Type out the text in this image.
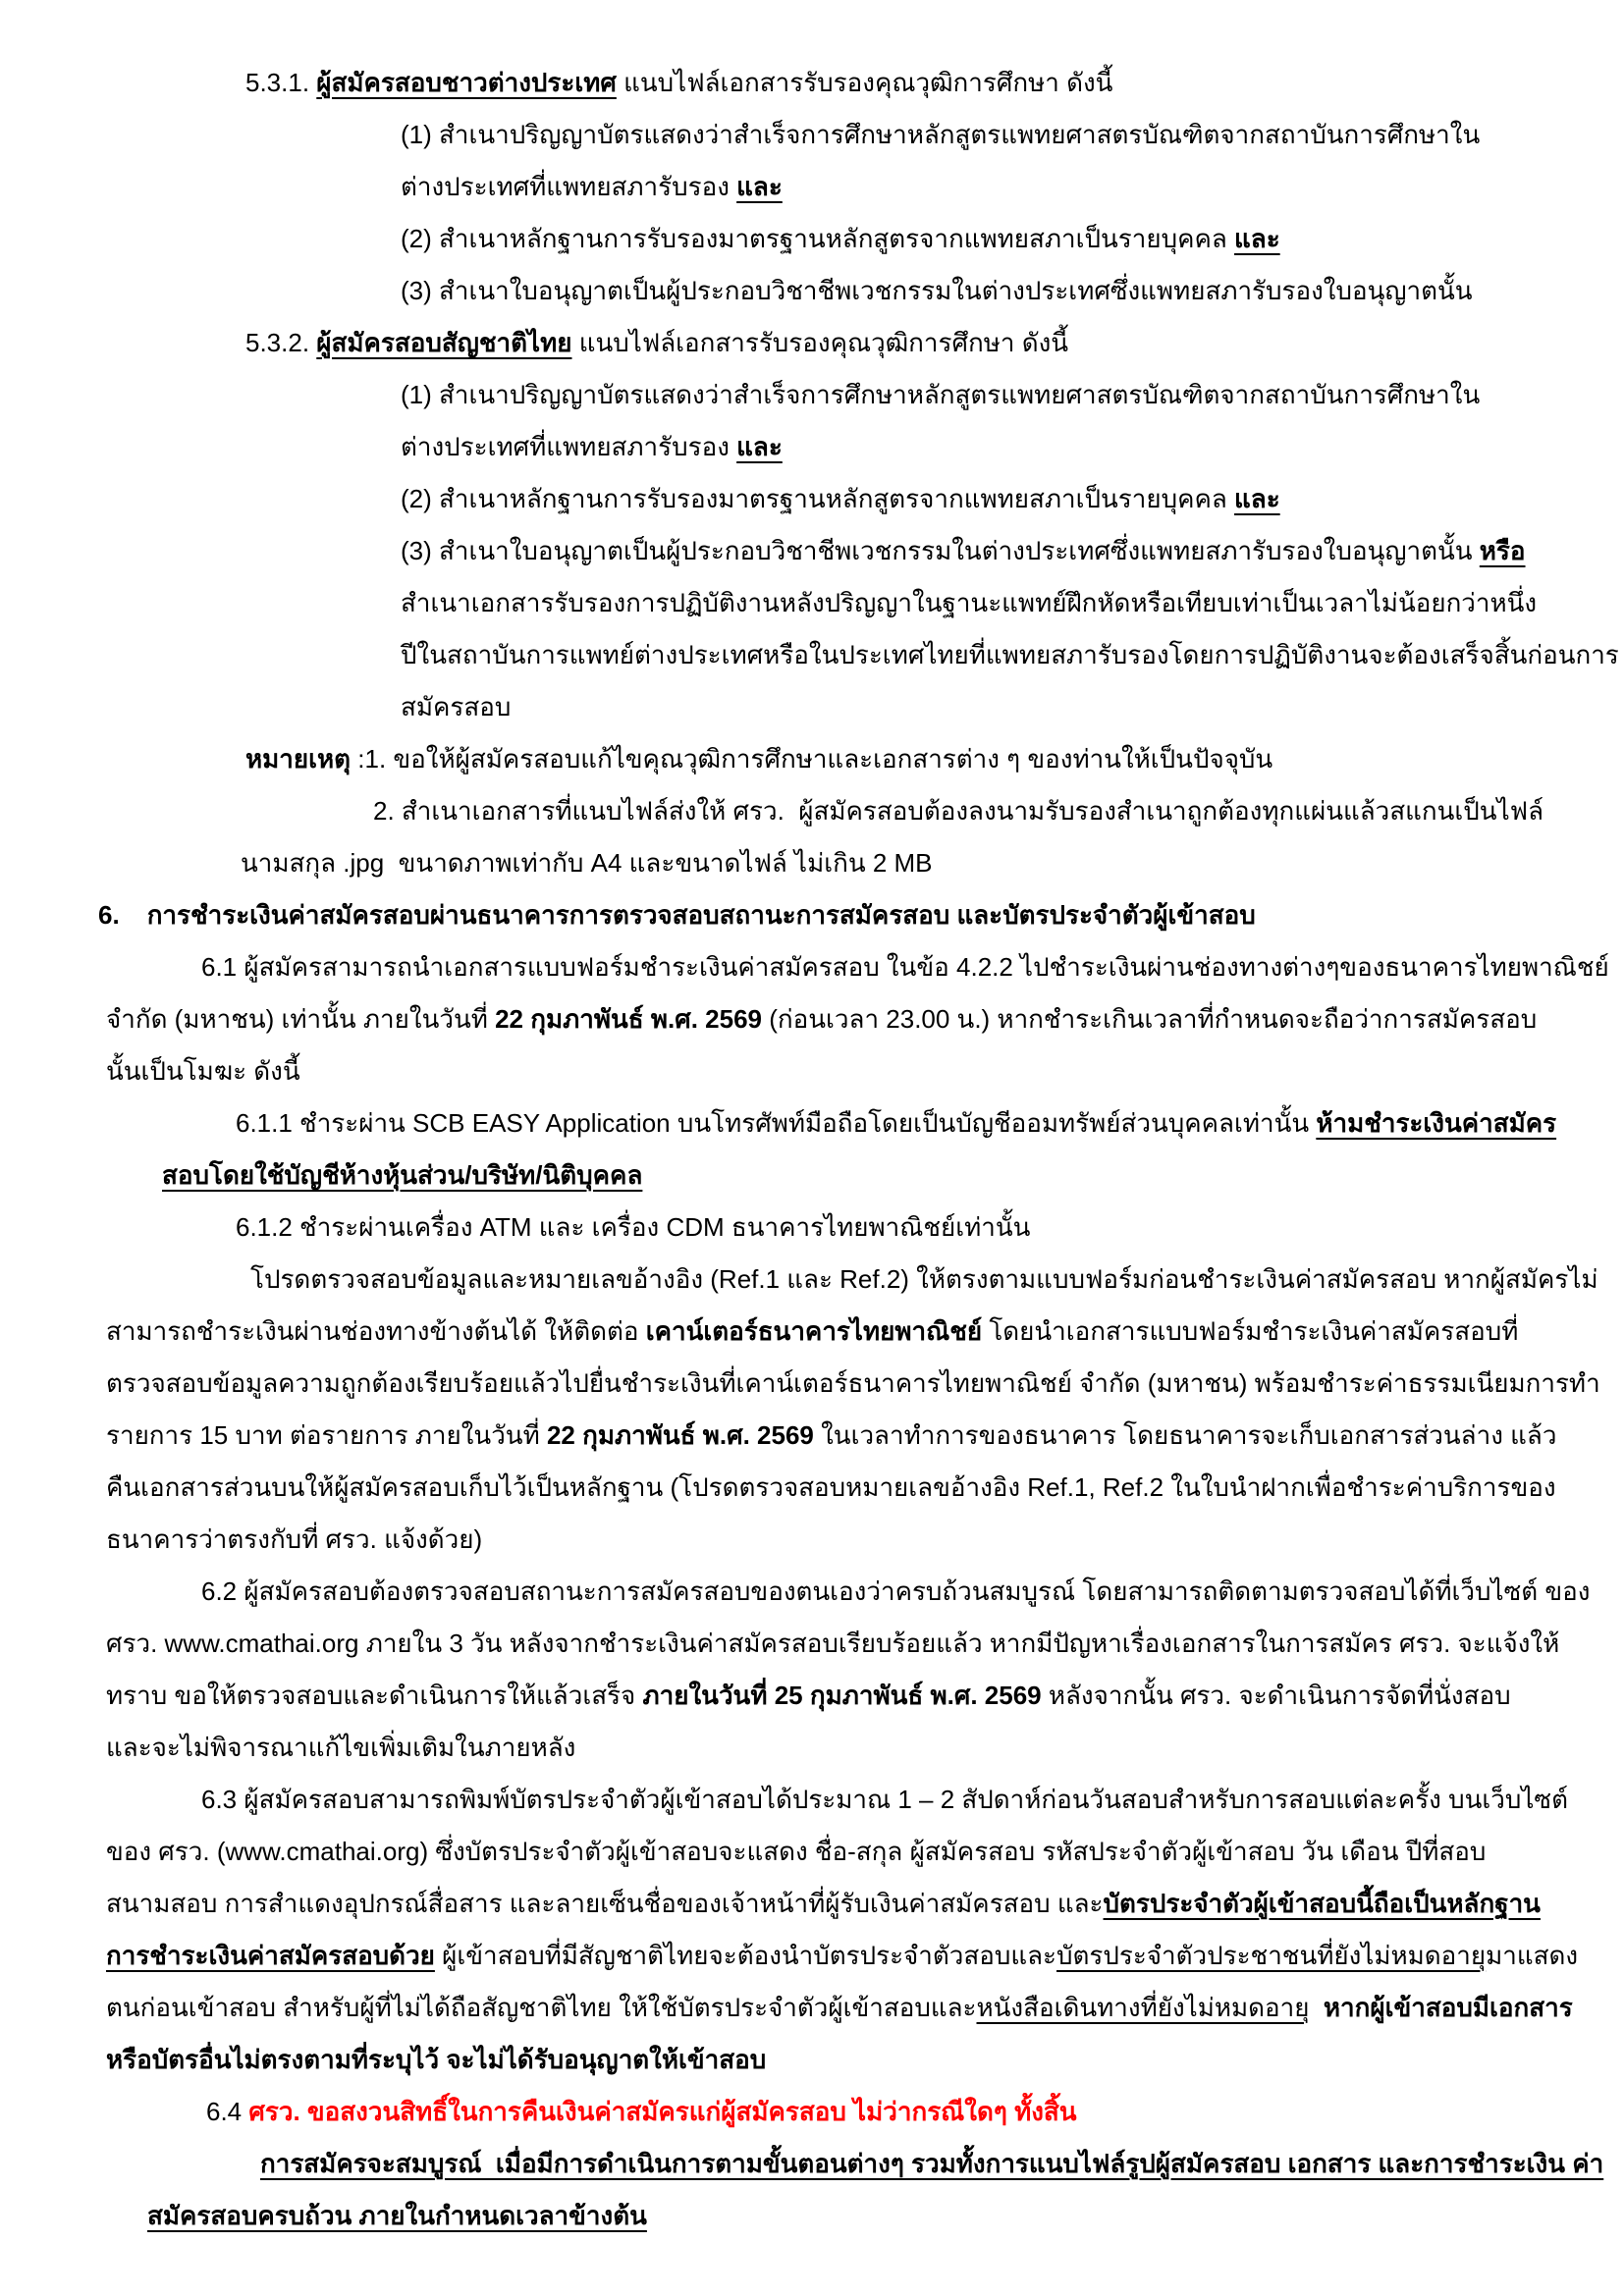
5.3.1. ผู้สมัครสอบชาวต่างประเทศ แนบไฟล์เอกสารรับรองคุณวุฒิการศึกษา ดังนี้
(1) สำเนาปริญญาบัตรแสดงว่าสำเร็จการศึกษาหลักสูตรแพทยศาสตรบัณฑิตจากสถาบันการศึกษาใน
ต่างประเทศที่แพทยสภารับรอง และ
(2) สำเนาหลักฐานการรับรองมาตรฐานหลักสูตรจากแพทยสภาเป็นรายบุคคล และ
(3) สำเนาใบอนุญาตเป็นผู้ประกอบวิชาชีพเวชกรรมในต่างประเทศซึ่งแพทยสภารับรองใบอนุญาตนั้น
5.3.2. ผู้สมัครสอบสัญชาติไทย แนบไฟล์เอกสารรับรองคุณวุฒิการศึกษา ดังนี้
(1) สำเนาปริญญาบัตรแสดงว่าสำเร็จการศึกษาหลักสูตรแพทยศาสตรบัณฑิตจากสถาบันการศึกษาใน
ต่างประเทศที่แพทยสภารับรอง และ
(2) สำเนาหลักฐานการรับรองมาตรฐานหลักสูตรจากแพทยสภาเป็นรายบุคคล และ
(3) สำเนาใบอนุญาตเป็นผู้ประกอบวิชาชีพเวชกรรมในต่างประเทศซึ่งแพทยสภารับรองใบอนุญาตนั้น หรือ
สำเนาเอกสารรับรองการปฏิบัติงานหลังปริญญาในฐานะแพทย์ฝึกหัดหรือเทียบเท่าเป็นเวลาไม่น้อยกว่าหนึ่ง
ปีในสถาบันการแพทย์ต่างประเทศหรือในประเทศไทยที่แพทยสภารับรองโดยการปฏิบัติงานจะต้องเสร็จสิ้นก่อนการ
สมัครสอบ
หมายเหตุ :1. ขอให้ผู้สมัครสอบแก้ไขคุณวุฒิการศึกษาและเอกสารต่าง ๆ ของท่านให้เป็นปัจจุบัน
2. สำเนาเอกสารที่แนบไฟล์ส่งให้ ศรว.  ผู้สมัครสอบต้องลงนามรับรองสำเนาถูกต้องทุกแผ่นแล้วสแกนเป็นไฟล์
นามสกุล .jpg  ขนาดภาพเท่ากับ A4 และขนาดไฟล์ ไม่เกิน 2 MB
6. การชำระเงินค่าสมัครสอบผ่านธนาคารการตรวจสอบสถานะการสมัครสอบ และบัตรประจำตัวผู้เข้าสอบ
6.1 ผู้สมัครสามารถนำเอกสารแบบฟอร์มชำระเงินค่าสมัครสอบ ในข้อ 4.2.2 ไปชำระเงินผ่านช่องทางต่างๆของธนาคารไทยพาณิชย์
จำกัด (มหาชน) เท่านั้น ภายในวันที่ 22 กุมภาพันธ์ พ.ศ. 2569 (ก่อนเวลา 23.00 น.) หากชำระเกินเวลาที่กำหนดจะถือว่าการสมัครสอบ
นั้นเป็นโมฆะ ดังนี้
6.1.1 ชำระผ่าน SCB EASY Application บนโทรศัพท์มือถือโดยเป็นบัญชีออมทรัพย์ส่วนบุคคลเท่านั้น ห้ามชำระเงินค่าสมัคร
สอบโดยใช้บัญชีห้างหุ้นส่วน/บริษัท/นิติบุคคล
6.1.2 ชำระผ่านเครื่อง ATM และ เครื่อง CDM ธนาคารไทยพาณิชย์เท่านั้น
โปรดตรวจสอบข้อมูลและหมายเลขอ้างอิง (Ref.1 และ Ref.2) ให้ตรงตามแบบฟอร์มก่อนชำระเงินค่าสมัครสอบ หากผู้สมัครไม่
สามารถชำระเงินผ่านช่องทางข้างต้นได้ ให้ติดต่อ เคาน์เตอร์ธนาคารไทยพาณิชย์ โดยนำเอกสารแบบฟอร์มชำระเงินค่าสมัครสอบที่
ตรวจสอบข้อมูลความถูกต้องเรียบร้อยแล้วไปยื่นชำระเงินที่เคาน์เตอร์ธนาคารไทยพาณิชย์ จำกัด (มหาชน) พร้อมชำระค่าธรรมเนียมการทำ
รายการ 15 บาท ต่อรายการ ภายในวันที่ 22 กุมภาพันธ์ พ.ศ. 2569 ในเวลาทำการของธนาคาร โดยธนาคารจะเก็บเอกสารส่วนล่าง แล้ว
คืนเอกสารส่วนบนให้ผู้สมัครสอบเก็บไว้เป็นหลักฐาน (โปรดตรวจสอบหมายเลขอ้างอิง Ref.1, Ref.2 ในใบนำฝากเพื่อชำระค่าบริการของ
ธนาคารว่าตรงกับที่ ศรว. แจ้งด้วย)
6.2 ผู้สมัครสอบต้องตรวจสอบสถานะการสมัครสอบของตนเองว่าครบถ้วนสมบูรณ์ โดยสามารถติดตามตรวจสอบได้ที่เว็บไซต์ ของ
ศรว. www.cmathai.org ภายใน 3 วัน หลังจากชำระเงินค่าสมัครสอบเรียบร้อยแล้ว หากมีปัญหาเรื่องเอกสารในการสมัคร ศรว. จะแจ้งให้
ทราบ ขอให้ตรวจสอบและดำเนินการให้แล้วเสร็จ ภายในวันที่ 25 กุมภาพันธ์ พ.ศ. 2569 หลังจากนั้น ศรว. จะดำเนินการจัดที่นั่งสอบ
และจะไม่พิจารณาแก้ไขเพิ่มเติมในภายหลัง
6.3 ผู้สมัครสอบสามารถพิมพ์บัตรประจำตัวผู้เข้าสอบได้ประมาณ 1 – 2 สัปดาห์ก่อนวันสอบสำหรับการสอบแต่ละครั้ง บนเว็บไซต์
ของ ศรว. (www.cmathai.org) ซึ่งบัตรประจำตัวผู้เข้าสอบจะแสดง ชื่อ-สกุล ผู้สมัครสอบ รหัสประจำตัวผู้เข้าสอบ วัน เดือน ปีที่สอบ
สนามสอบ การสำแดงอุปกรณ์สื่อสาร และลายเซ็นชื่อของเจ้าหน้าที่ผู้รับเงินค่าสมัครสอบ และบัตรประจำตัวผู้เข้าสอบนี้ถือเป็นหลักฐาน
การชำระเงินค่าสมัครสอบด้วย ผู้เข้าสอบที่มีสัญชาติไทยจะต้องนำบัตรประจำตัวสอบและบัตรประจำตัวประชาชนที่ยังไม่หมดอายุมาแสดง
ตนก่อนเข้าสอบ สำหรับผู้ที่ไม่ได้ถือสัญชาติไทย ให้ใช้บัตรประจำตัวผู้เข้าสอบและหนังสือเดินทางที่ยังไม่หมดอายุ หากผู้เข้าสอบมีเอกสาร
หรือบัตรอื่นไม่ตรงตามที่ระบุไว้ จะไม่ได้รับอนุญาตให้เข้าสอบ
6.4 ศรว. ขอสงวนสิทธิ์ในการคืนเงินค่าสมัครแก่ผู้สมัครสอบ ไม่ว่ากรณีใดๆ ทั้งสิ้น
การสมัครจะสมบูรณ์  เมื่อมีการดำเนินการตามขั้นตอนต่างๆ รวมทั้งการแนบไฟล์รูปผู้สมัครสอบ เอกสาร และการชำระเงิน ค่า
สมัครสอบครบถ้วน ภายในกำหนดเวลาข้างต้น
